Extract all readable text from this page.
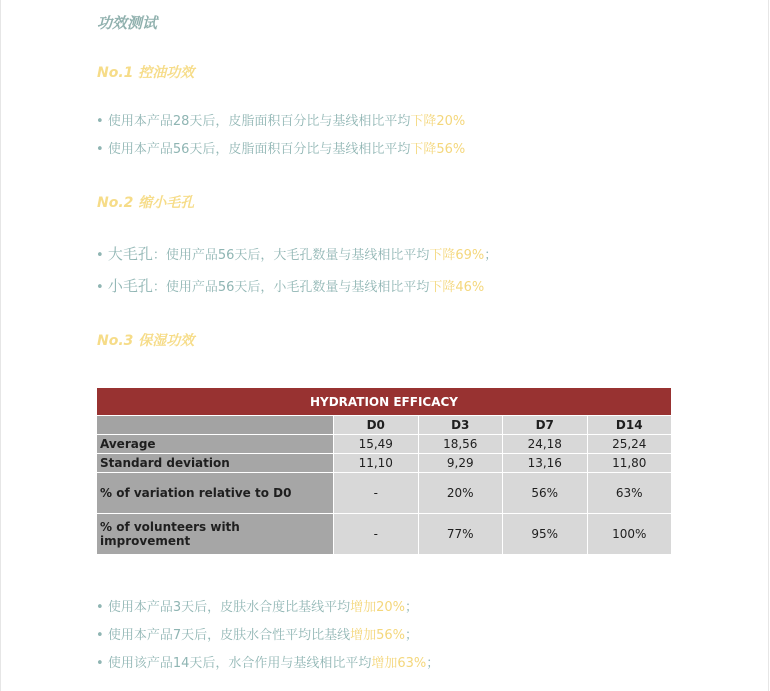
功效测试
No.1 控油功效
• 使用本产品28天后，皮脂面积百分比与基线相比平均下降20%
• 使用本产品56天后，皮脂面积百分比与基线相比平均下降56%
No.2 缩小毛孔
• 大毛孔：使用产品56天后，大毛孔数量与基线相比平均下降69%；
• 小毛孔：使用产品56天后，小毛孔数量与基线相比平均下降46%
No.3 保湿功效
HYDRATION EFFICACY				
	D0	D3	D7	D14
Average	15,49	18,56	24,18	25,24
Standard deviation	11,10	9,29	13,16	11,80
% of variation relative to D0	-	20%	56%	63%
% of volunteers with improvement	-	77%	95%	100%
• 使用本产品3天后，皮肤水合度比基线平均增加20%；
• 使用本产品7天后，皮肤水合性平均比基线增加56%；
• 使用该产品14天后，水合作用与基线相比平均增加63%；
